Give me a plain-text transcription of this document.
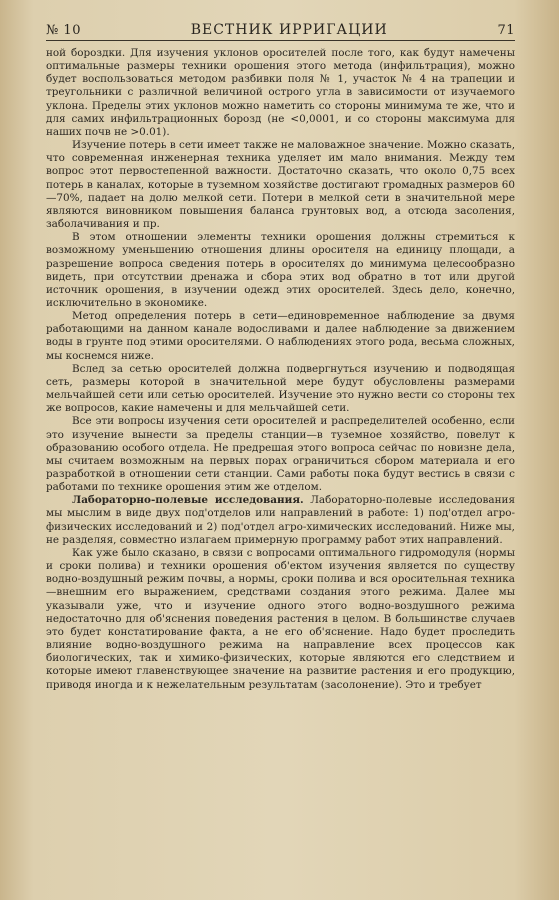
№ 10	ВЕСТНИК ИРРИГАЦИИ	71

ной бороздки. Для изучения уклонов оросителей после того, как будут намечены оптимальные размеры техники орошения этого метода (инфильтрация), можно будет воспользоваться методом разбивки поля № 1, участок № 4 на трапеции и треугольники с различной величиной острого угла в зависимости от изучаемого уклона. Пределы этих уклонов можно наметить со стороны минимума те же, что и для самих инфильтрационных борозд (не <0,0001, и со стороны максимума для наших почв не >0.01).

Изучение потерь в сети имеет также не маловажное значение. Можно сказать, что современная инженерная техника уделяет им мало внимания. Между тем вопрос этот первостепенной важности. Достаточно сказать, что около 0,75 всех потерь в каналах, которые в туземном хозяйстве достигают громадных размеров 60—70%, падает на долю мелкой сети. Потери в мелкой сети в значительной мере являются виновником повышения баланса грунтовых вод, а отсюда засоления, заболачивания и пр.

В этом отношении элементы техники орошения должны стремиться к возможному уменьшению отношения длины оросителя на единицу площади, а разрешение вопроса сведения потерь в оросителях до минимума целесообразно видеть, при отсутствии дренажа и сбора этих вод обратно в тот или другой источник орошения, в изучении одежд этих оросителей. Здесь дело, конечно, исключительно в экономике.

Метод определения потерь в сети—единовременное наблюдение за двумя работающими на данном канале водосливами и далее наблюдение за движением воды в грунте под этими оросителями. О наблюдениях этого рода, весьма сложных, мы коснемся ниже.

Вслед за сетью оросителей должна подвергнуться изучению и подводящая сеть, размеры которой в значительной мере будут обусловлены размерами мельчайшей сети или сетью оросителей. Изучение это нужно вести со стороны тех же вопросов, какие намечены и для мельчайшей сети.

Все эти вопросы изучения сети оросителей и распределителей особенно, если это изучение вынести за пределы станции—в туземное хозяйство, повелут к образованию особого отдела. Не предрешая этого вопроса сейчас по новизне дела, мы считаем возможным на первых порах ограничиться сбором материала и его разработкой в отношении сети станции. Сами работы пока будут вестись в связи с работами по технике орошения этим же отделом.

Лабораторно-полевые исследования. Лабораторно-полевые исследования мы мыслим в виде двух под'отделов или направлений в работе: 1) под'отдел агро-физических исследований и 2) под'отдел агро-химических исследований. Ниже мы, не разделяя, совместно излагаем примерную программу работ этих направлений.

Как уже было сказано, в связи с вопросами оптимального гидромодуля (нормы и сроки полива) и техники орошения об'ектом изучения является по существу водно-воздушный режим почвы, а нормы, сроки полива и вся оросительная техника—внешним его выражением, средствами создания этого режима. Далее мы указывали уже, что и изучение одного этого водно-воздушного режима недостаточно для об'яснения поведения растения в целом. В большинстве случаев это будет констатирование факта, а не его об'яснение. Надо будет проследить влияние водно-воздушного режима на направление всех процессов как биологических, так и химико-физических, которые являются его следствием и которые имеют главенствующее значение на развитие растения и его продукцию, приводя иногда и к нежелательным результатам (засолонение). Это и требует
